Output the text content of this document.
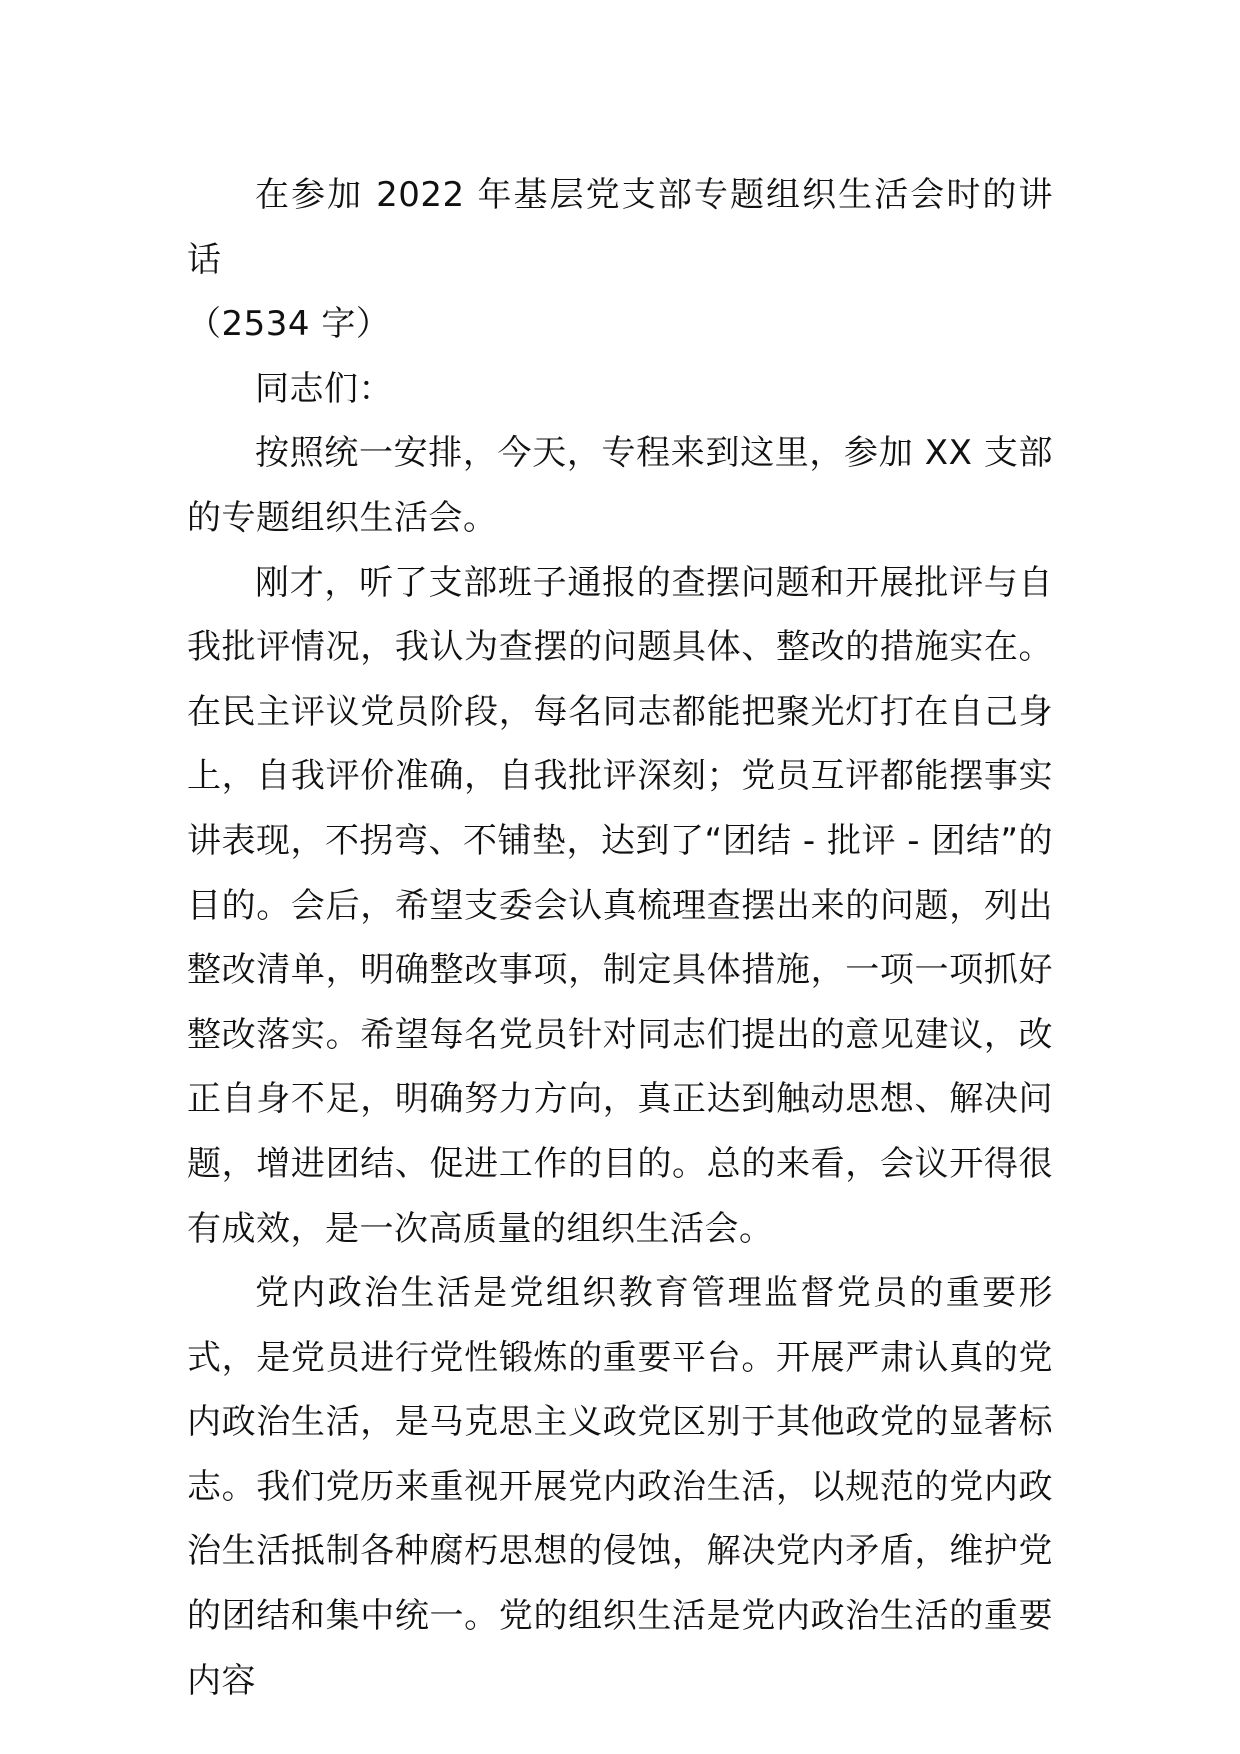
在参加 2022 年基层党支部专题组织生活会时的讲话

（2534 字）

同志们：

按照统一安排，今天，专程来到这里，参加 XX 支部的专题组织生活会。

刚才，听了支部班子通报的查摆问题和开展批评与自我批评情况，我认为查摆的问题具体、整改的措施实在。在民主评议党员阶段，每名同志都能把聚光灯打在自己身上，自我评价准确，自我批评深刻；党员互评都能摆事实讲表现，不拐弯、不铺垫，达到了“团结 - 批评 - 团结”的目的。会后，希望支委会认真梳理查摆出来的问题，列出整改清单，明确整改事项，制定具体措施，一项一项抓好整改落实。希望每名党员针对同志们提出的意见建议，改正自身不足，明确努力方向，真正达到触动思想、解决问题，增进团结、促进工作的目的。总的来看，会议开得很有成效，是一次高质量的组织生活会。

党内政治生活是党组织教育管理监督党员的重要形式，是党员进行党性锻炼的重要平台。开展严肃认真的党内政治生活，是马克思主义政党区别于其他政党的显著标志。我们党历来重视开展党内政治生活，以规范的党内政治生活抵制各种腐朽思想的侵蚀，解决党内矛盾，维护党的团结和集中统一。党的组织生活是党内政治生活的重要内容
